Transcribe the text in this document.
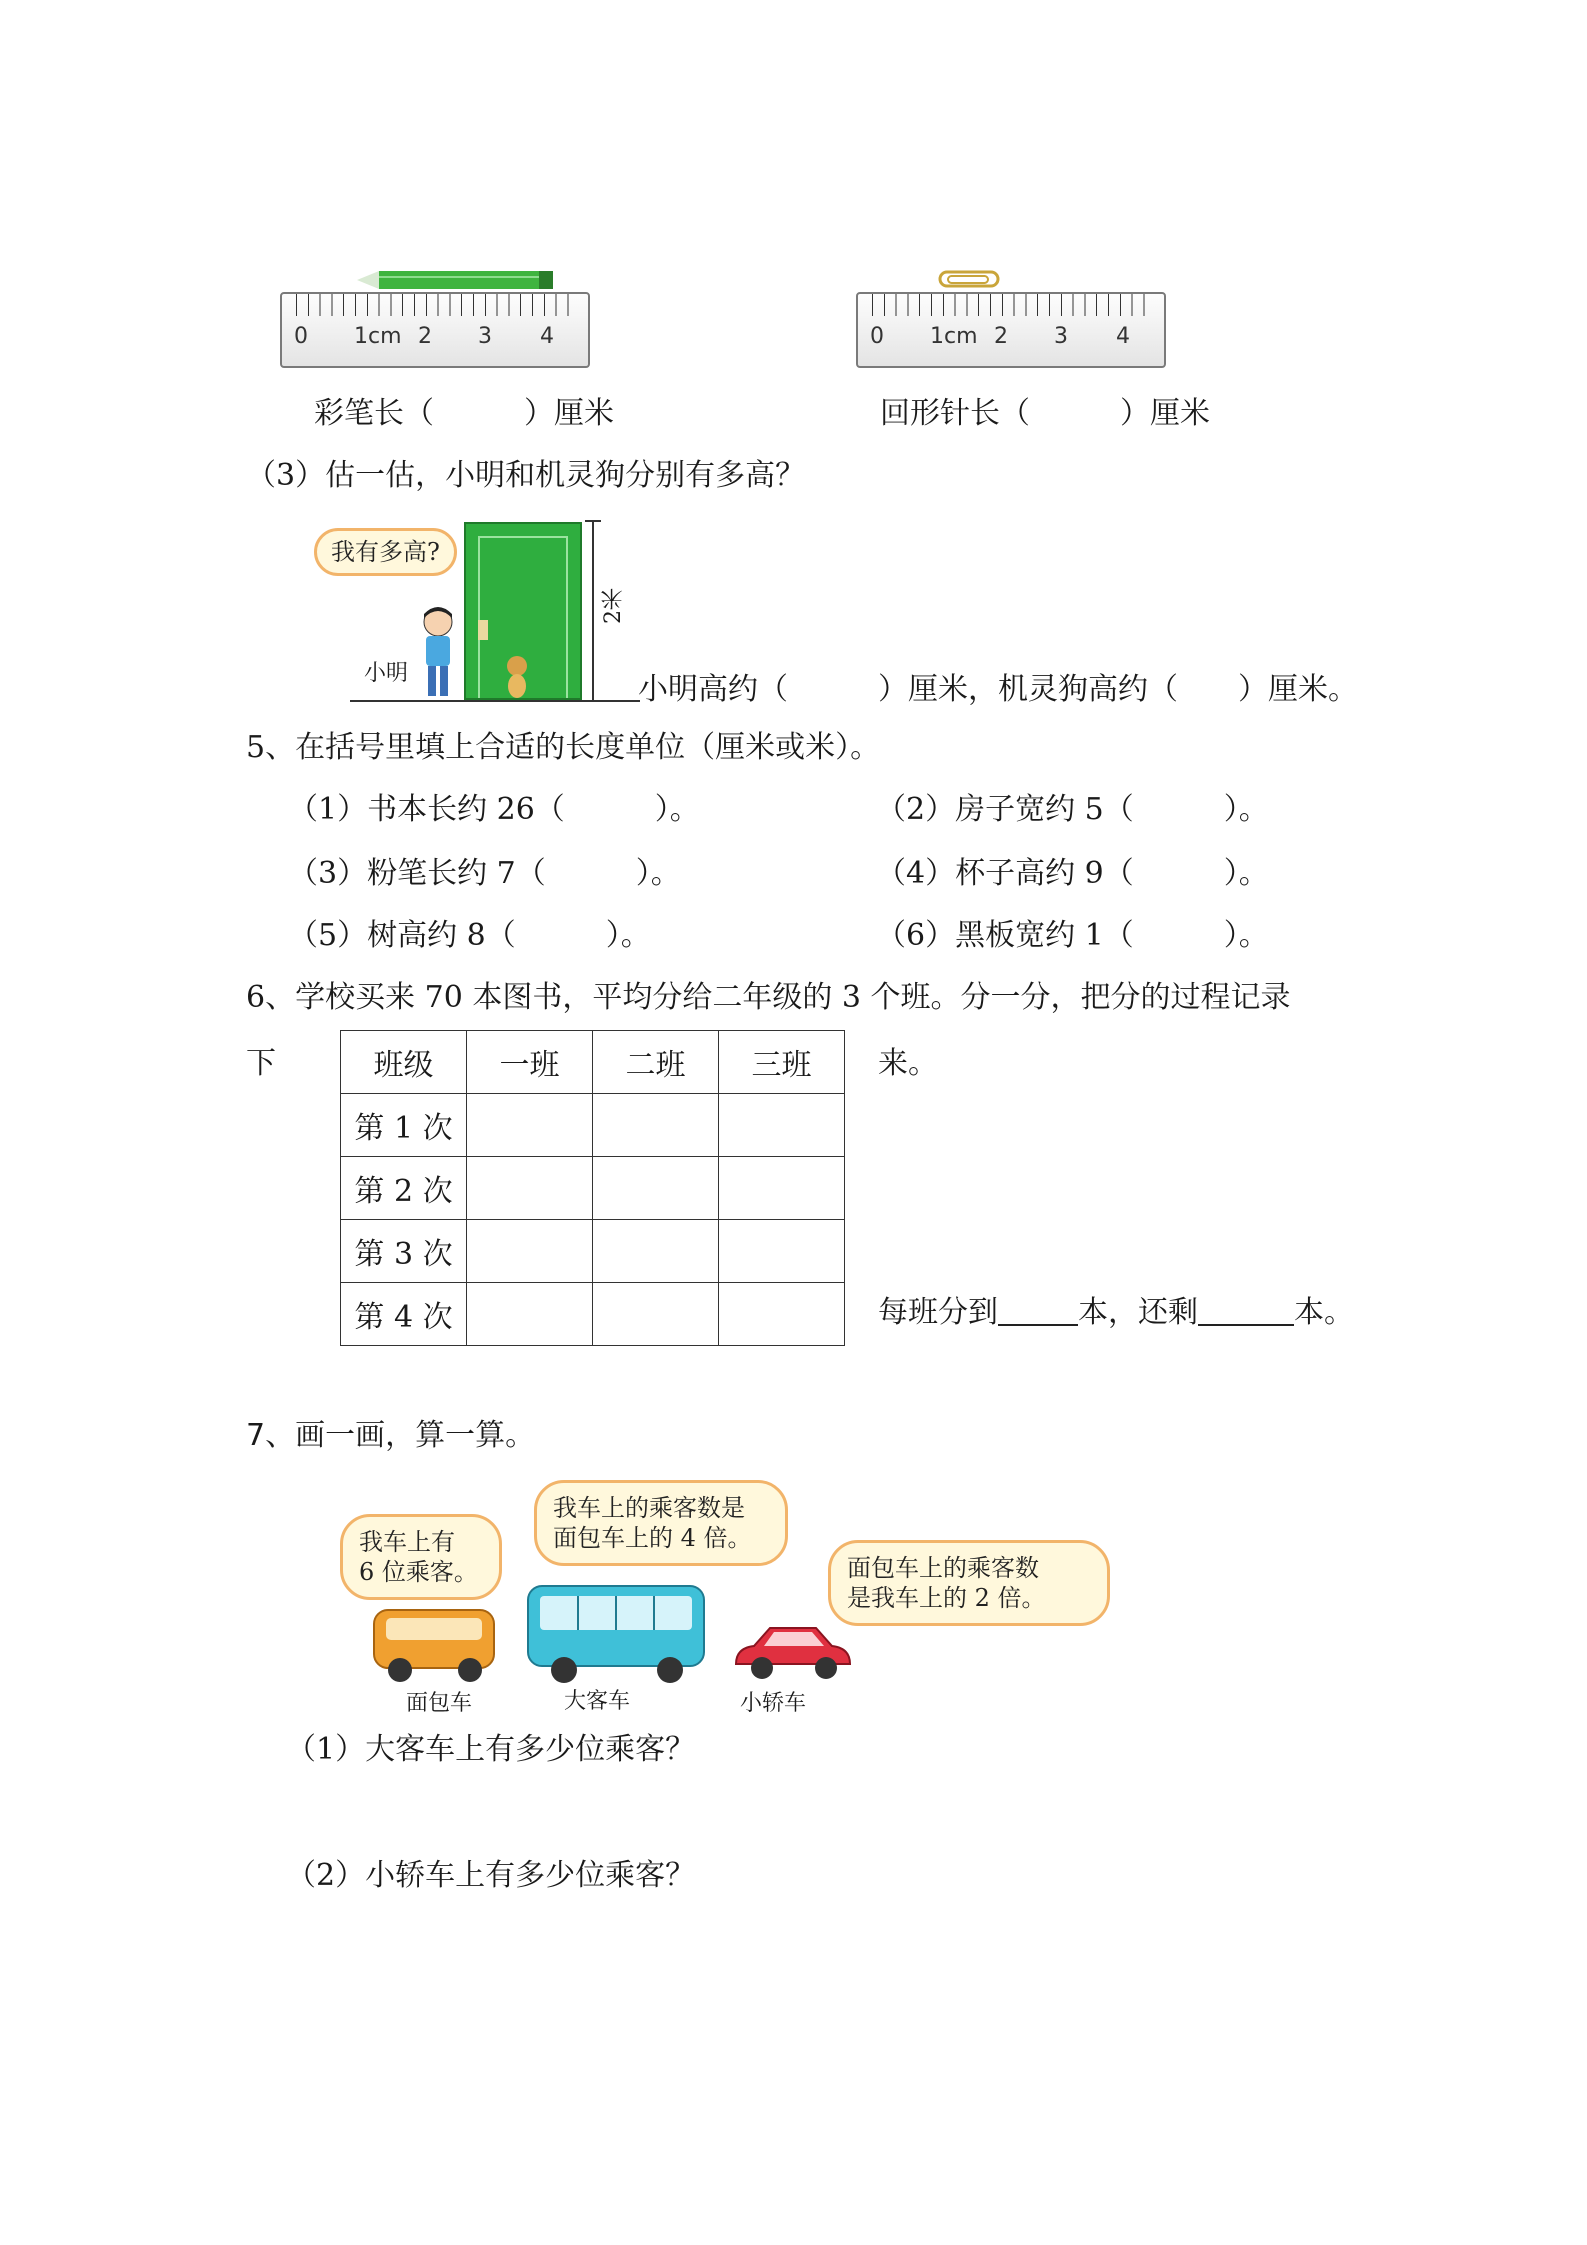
0 1cm 2 3 4
彩笔长（　　　）厘米
0 1cm 2 3 4
回形针长（　　　）厘米
（3）估一估，小明和机灵狗分别有多高？
我有多高?
2米
小明	小明高约（　　　）厘米，机灵狗高约（　　）厘米。
5、在括号里填上合适的长度单位（厘米或米）。
（1）书本长约 26（　　　）。	（2）房子宽约 5（　　　）。
（3）粉笔长约 7（　　　）。	（4）杯子高约 9（　　　）。
（5）树高约 8（　　　）。	（6）黑板宽约 1（　　　）。
6、学校买来 70 本图书，平均分给二年级的 3 个班。分一分，把分的过程记录
下	来。
班级	一班	二班	三班
第 1 次			
第 2 次			
第 3 次			
第 4 次				每班分到	本，还剩	本。
7、画一画，算一算。
我车上有
6 位乘客。
我车上的乘客数是
面包车上的 4 倍。
面包车上的乘客数
是我车上的 2 倍。
面包车	大客车	小轿车
（1）大客车上有多少位乘客？
（2）小轿车上有多少位乘客？
